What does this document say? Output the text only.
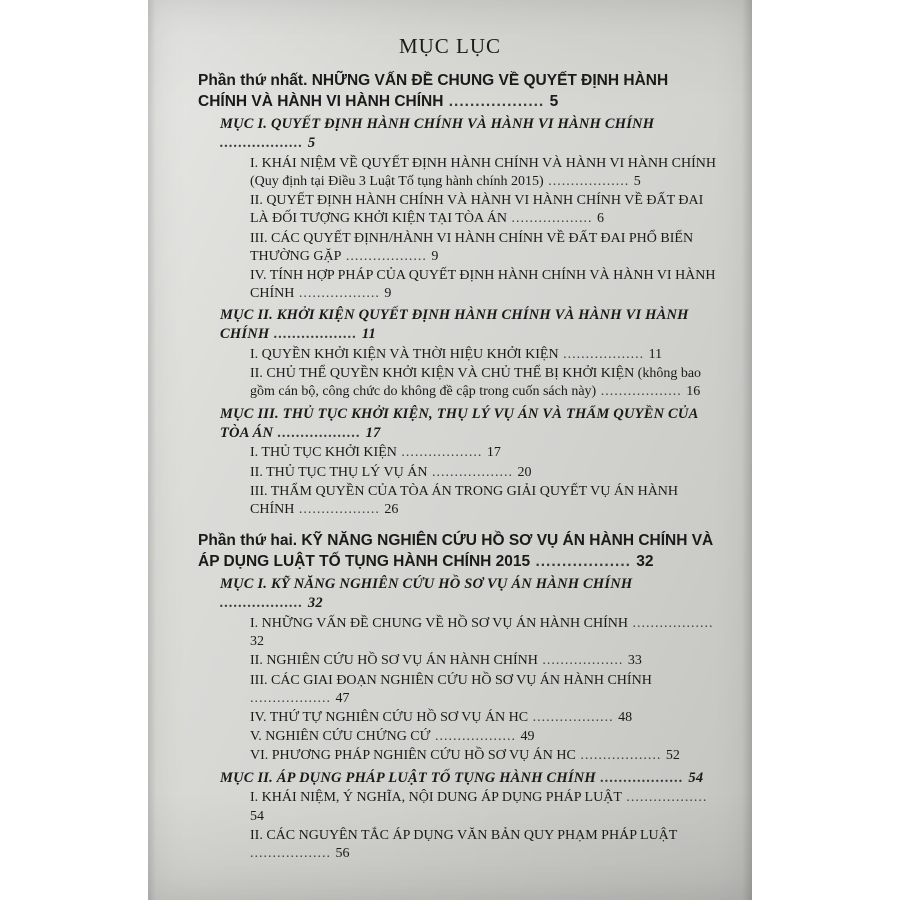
MỤC LỤC
Phần thứ nhất. NHỮNG VẤN ĐỀ CHUNG VỀ QUYẾT ĐỊNH HÀNH CHÍNH VÀ HÀNH VI HÀNH CHÍNH .................. 5
MỤC I. QUYẾT ĐỊNH HÀNH CHÍNH VÀ HÀNH VI HÀNH CHÍNH .................. 5
I. KHÁI NIỆM VỀ QUYẾT ĐỊNH HÀNH CHÍNH VÀ HÀNH VI HÀNH CHÍNH (Quy định tại Điều 3 Luật Tố tụng hành chính 2015) .................. 5
II. QUYẾT ĐỊNH HÀNH CHÍNH VÀ HÀNH VI HÀNH CHÍNH VỀ ĐẤT ĐAI LÀ ĐỐI TƯỢNG KHỞI KIỆN TẠI TÒA ÁN .................. 6
III. CÁC QUYẾT ĐỊNH/HÀNH VI HÀNH CHÍNH VỀ ĐẤT ĐAI PHỔ BIẾN THƯỜNG GẶP .................. 9
IV. TÍNH HỢP PHÁP CỦA QUYẾT ĐỊNH HÀNH CHÍNH VÀ HÀNH VI HÀNH CHÍNH .................. 9
MỤC II. KHỞI KIỆN QUYẾT ĐỊNH HÀNH CHÍNH VÀ HÀNH VI HÀNH CHÍNH .................. 11
I. QUYỀN KHỞI KIỆN VÀ THỜI HIỆU KHỞI KIỆN .................. 11
II. CHỦ THỂ QUYỀN KHỞI KIỆN VÀ CHỦ THỂ BỊ KHỞI KIỆN (không bao gồm cán bộ, công chức do không đề cập trong cuốn sách này) .................. 16
MỤC III. THỦ TỤC KHỞI KIỆN, THỤ LÝ VỤ ÁN VÀ THẨM QUYỀN CỦA TÒA ÁN .................. 17
I. THỦ TỤC KHỞI KIỆN .................. 17
II. THỦ TỤC THỤ LÝ VỤ ÁN .................. 20
III. THẨM QUYỀN CỦA TÒA ÁN TRONG GIẢI QUYẾT VỤ ÁN HÀNH CHÍNH .................. 26
Phần thứ hai. KỸ NĂNG NGHIÊN CỨU HỒ SƠ VỤ ÁN HÀNH CHÍNH VÀ ÁP DỤNG LUẬT TỐ TỤNG HÀNH CHÍNH 2015 .................. 32
MỤC I. KỸ NĂNG NGHIÊN CỨU HỒ SƠ VỤ ÁN HÀNH CHÍNH .................. 32
I. NHỮNG VẤN ĐỀ CHUNG VỀ HỒ SƠ VỤ ÁN HÀNH CHÍNH .................. 32
II. NGHIÊN CỨU HỒ SƠ VỤ ÁN HÀNH CHÍNH .................. 33
III. CÁC GIAI ĐOẠN NGHIÊN CỨU HỒ SƠ VỤ ÁN HÀNH CHÍNH .................. 47
IV. THỨ TỰ NGHIÊN CỨU HỒ SƠ VỤ ÁN HC .................. 48
V. NGHIÊN CỨU CHỨNG CỨ .................. 49
VI. PHƯƠNG PHÁP NGHIÊN CỨU HỒ SƠ VỤ ÁN HC .................. 52
MỤC II. ÁP DỤNG PHÁP LUẬT TỐ TỤNG HÀNH CHÍNH .................. 54
I. KHÁI NIỆM, Ý NGHĨA, NỘI DUNG ÁP DỤNG PHÁP LUẬT .................. 54
II. CÁC NGUYÊN TẮC ÁP DỤNG VĂN BẢN QUY PHẠM PHÁP LUẬT .................. 56
